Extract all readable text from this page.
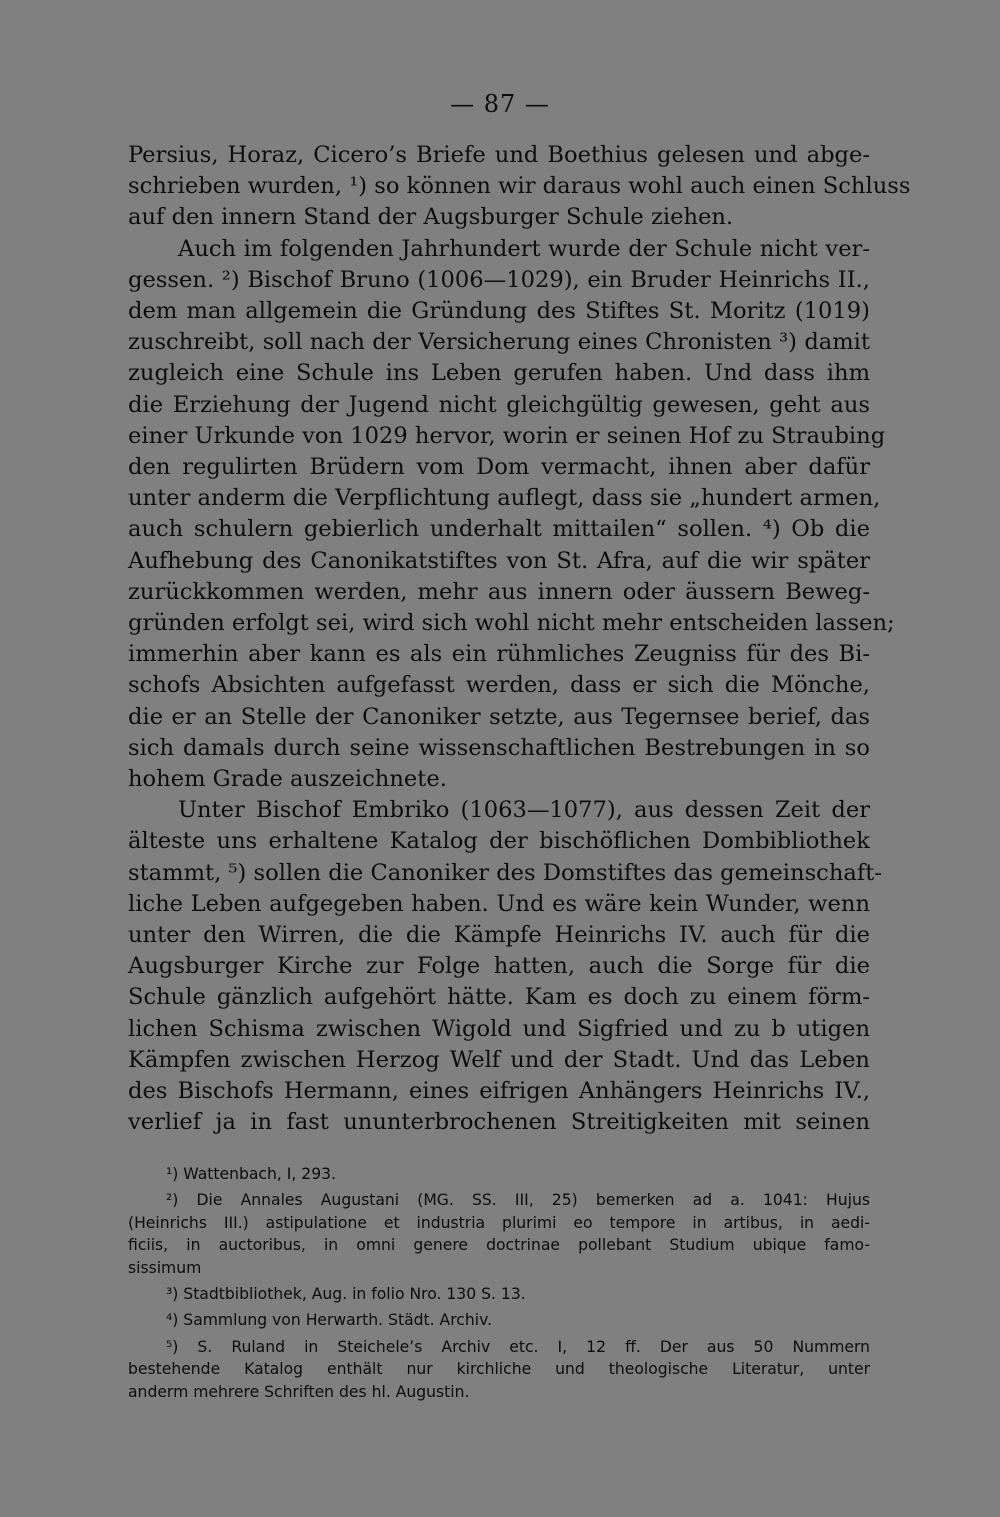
— 87 —
Persius, Horaz, Cicero’s Briefe und Boethius gelesen und abge-
schrieben wurden, ¹) so können wir daraus wohl auch einen Schluss
auf den innern Stand der Augsburger Schule ziehen.
Auch im folgenden Jahrhundert wurde der Schule nicht ver-
gessen. ²) Bischof Bruno (1006—1029), ein Bruder Heinrichs II.,
dem man allgemein die Gründung des Stiftes St. Moritz (1019)
zuschreibt, soll nach der Versicherung eines Chronisten ³) damit
zugleich eine Schule ins Leben gerufen haben. Und dass ihm
die Erziehung der Jugend nicht gleichgültig gewesen, geht aus
einer Urkunde von 1029 hervor, worin er seinen Hof zu Straubing
den regulirten Brüdern vom Dom vermacht, ihnen aber dafür
unter anderm die Verpflichtung auflegt, dass sie „hundert armen,
auch schulern gebierlich underhalt mittailen“ sollen. ⁴) Ob die
Aufhebung des Canonikatstiftes von St. Afra, auf die wir später
zurückkommen werden, mehr aus innern oder äussern Beweg-
gründen erfolgt sei, wird sich wohl nicht mehr entscheiden lassen;
immerhin aber kann es als ein rühmliches Zeugniss für des Bi-
schofs Absichten aufgefasst werden, dass er sich die Mönche,
die er an Stelle der Canoniker setzte, aus Tegernsee berief, das
sich damals durch seine wissenschaftlichen Bestrebungen in so
hohem Grade auszeichnete.
Unter Bischof Embriko (1063—1077), aus dessen Zeit der
älteste uns erhaltene Katalog der bischöflichen Dombibliothek
stammt, ⁵) sollen die Canoniker des Domstiftes das gemeinschaft-
liche Leben aufgegeben haben. Und es wäre kein Wunder, wenn
unter den Wirren, die die Kämpfe Heinrichs IV. auch für die
Augsburger Kirche zur Folge hatten, auch die Sorge für die
Schule gänzlich aufgehört hätte. Kam es doch zu einem förm-
lichen Schisma zwischen Wigold und Sigfried und zu b utigen
Kämpfen zwischen Herzog Welf und der Stadt. Und das Leben
des Bischofs Hermann, eines eifrigen Anhängers Heinrichs IV.,
verlief ja in fast ununterbrochenen Streitigkeiten mit seinen
¹) Wattenbach, I, 293.
²) Die Annales Augustani (MG. SS. III, 25) bemerken ad a. 1041: Hujus
(Heinrichs III.) astipulatione et industria plurimi eo tempore in artibus, in aedi-
ficiis, in auctoribus, in omni genere doctrinae pollebant Studium ubique famo-
sissimum
³) Stadtbibliothek, Aug. in folio Nro. 130 S. 13.
⁴) Sammlung von Herwarth. Städt. Archiv.
⁵) S. Ruland in Steichele’s Archiv etc. I, 12 ff. Der aus 50 Nummern
bestehende Katalog enthält nur kirchliche und theologische Literatur, unter
anderm mehrere Schriften des hl. Augustin.
